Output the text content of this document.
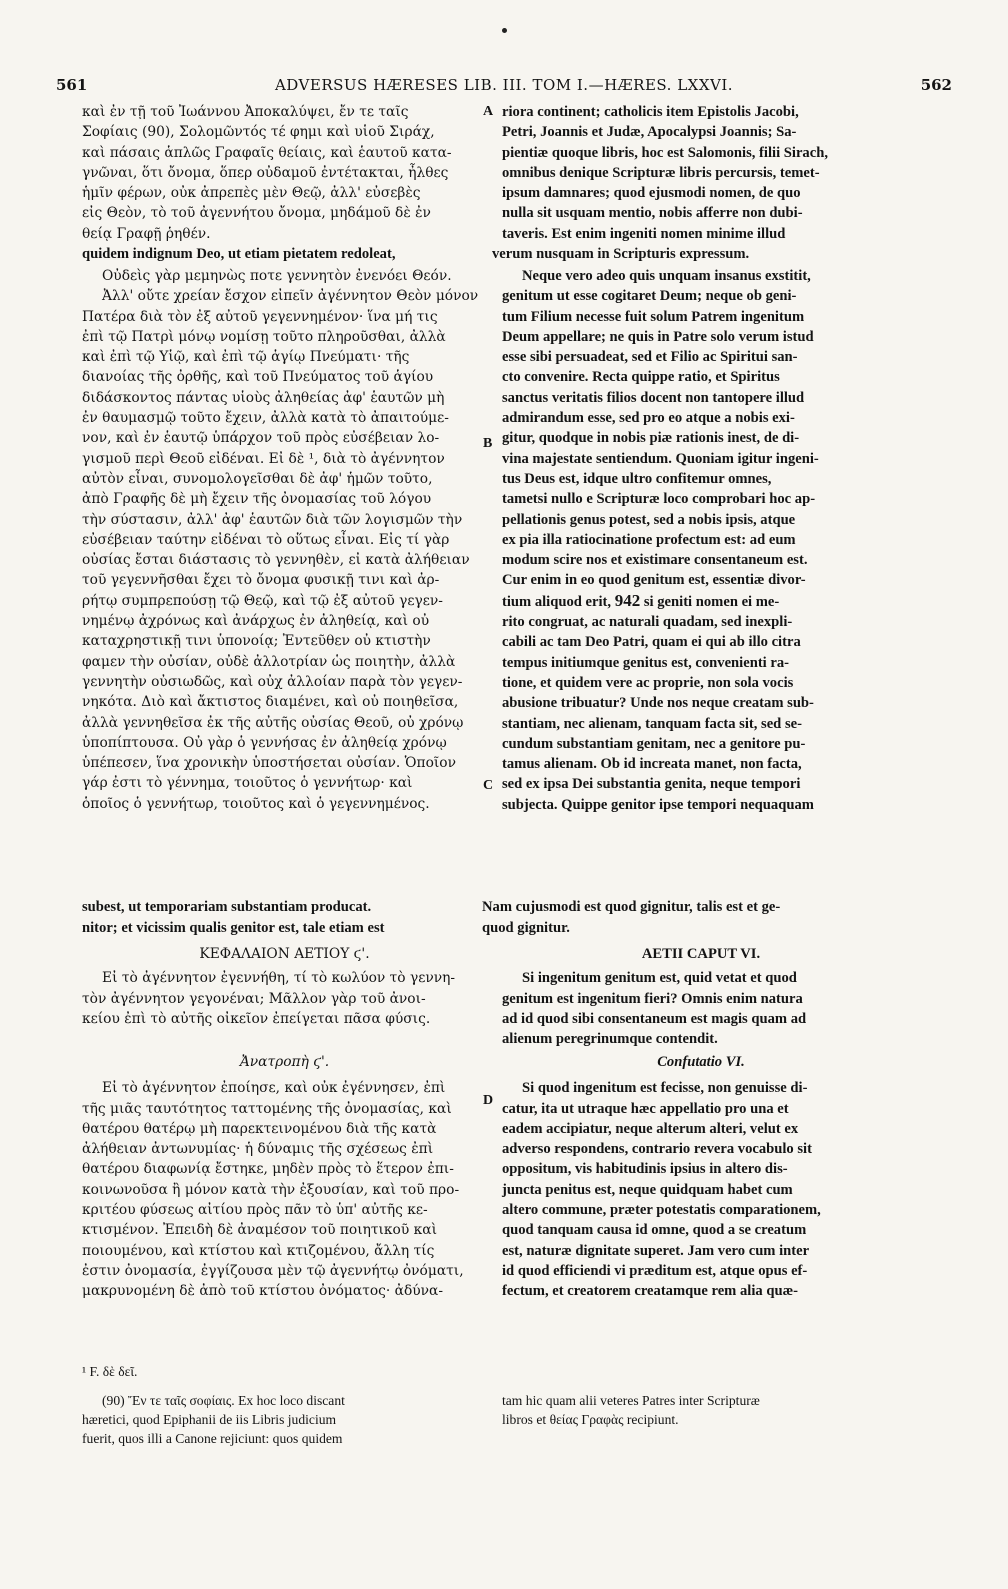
561	ADVERSUS HÆRESES LIB. III. TOM I.—HÆRES. LXXVI.	562
A
B
C
D

καὶ ἐν τῇ τοῦ Ἰωάννου Ἀποκαλύψει, ἔν τε ταῖς

Σοφίαις (90), Σολομῶντός τέ φημι καὶ υἱοῦ Σιράχ,

καὶ πάσαις ἁπλῶς Γραφαῖς θείαις, καὶ ἑαυτοῦ κατα-

γνῶναι, ὅτι ὄνομα, ὅπερ οὐδαμοῦ ἐντέτακται, ἦλθες

ἡμῖν φέρων, οὐκ ἀπρεπὲς μὲν Θεῷ, ἀλλ' εὐσεβὲς

εἰς Θεὸν, τὸ τοῦ ἀγεννήτου ὄνομα, μηδάμοῦ δὲ ἐν

θείᾳ Γραφῇ ῥηθέν.

riora continent; catholicis item Epistolis Jacobi,

Petri, Joannis et Judæ, Apocalypsi Joannis; Sa-

pientiæ quoque libris, hoc est Salomonis, filii Sirach,

omnibus denique Scripturæ libris percursis, temet-

ipsum damnares; quod ejusmodi nomen, de quo

nulla sit usquam mentio, nobis afferre non dubi-

taveris. Est enim ingeniti nomen minime illud

quidem indignum Deo, ut etiam pietatem redoleat,	verum nusquam in Scripturis expressum.

Οὐδεὶς γὰρ μεμηνὼς ποτε γεννητὸν ἐνενόει Θεόν.

Ἀλλ' οὔτε χρείαν ἔσχον εἰπεῖν ἀγέννητον Θεὸν μόνον

Πατέρα διὰ τὸν ἐξ αὐτοῦ γεγεννημένον· ἵνα μή τις

ἐπὶ τῷ Πατρὶ μόνῳ νομίσῃ τοῦτο πληροῦσθαι, ἀλλὰ

καὶ ἐπὶ τῷ Υἱῷ, καὶ ἐπὶ τῷ ἁγίῳ Πνεύματι· τῆς

διανοίας τῆς ὀρθῆς, καὶ τοῦ Πνεύματος τοῦ ἁγίου

διδάσκοντος πάντας υἱοὺς ἀληθείας ἀφ' ἑαυτῶν μὴ

ἐν θαυμασμῷ τοῦτο ἔχειν, ἀλλὰ κατὰ τὸ ἀπαιτούμε-

νον, καὶ ἐν ἑαυτῷ ὑπάρχον τοῦ πρὸς εὐσέβειαν λο-

γισμοῦ περὶ Θεοῦ εἰδέναι. Εἰ δὲ ¹, διὰ τὸ ἀγέννητον

αὐτὸν εἶναι, συνομολογεῖσθαι δὲ ἀφ' ἡμῶν τοῦτο,

ἀπὸ Γραφῆς δὲ μὴ ἔχειν τῆς ὀνομασίας τοῦ λόγου

τὴν σύστασιν, ἀλλ' ἀφ' ἑαυτῶν διὰ τῶν λογισμῶν τὴν

εὐσέβειαν ταύτην εἰδέναι τὸ οὕτως εἶναι. Εἰς τί γὰρ

οὐσίας ἔσται διάστασις τὸ γεννηθὲν, εἰ κατὰ ἀλήθειαν

τοῦ γεγεννῆσθαι ἔχει τὸ ὄνομα φυσικῇ τινι καὶ ἀρ-

ρήτῳ συμπρεπούσῃ τῷ Θεῷ, καὶ τῷ ἐξ αὐτοῦ γεγεν-

νημένῳ ἀχρόνως καὶ ἀνάρχως ἐν ἀληθείᾳ, καὶ οὐ

καταχρηστικῇ τινι ὑπονοίᾳ; Ἐντεῦθεν οὐ κτιστὴν

φαμεν τὴν οὐσίαν, οὐδὲ ἀλλοτρίαν ὡς ποιητὴν, ἀλλὰ

γεννητὴν οὐσιωδῶς, καὶ οὐχ ἀλλοίαν παρὰ τὸν γεγεν-

νηκότα. Διὸ καὶ ἄκτιστος διαμένει, καὶ οὐ ποιηθεῖσα,

ἀλλὰ γεννηθεῖσα ἐκ τῆς αὐτῆς οὐσίας Θεοῦ, οὐ χρόνῳ

ὑποπίπτουσα. Οὐ γὰρ ὁ γεννήσας ἐν ἀληθείᾳ χρόνῳ

ὑπέπεσεν, ἵνα χρονικὴν ὑποστήσεται οὐσίαν. Ὁποῖον

γάρ ἐστι τὸ γέννημα, τοιοῦτος ὁ γεννήτωρ· καὶ

ὁποῖος ὁ γεννήτωρ, τοιοῦτος καὶ ὁ γεγεννημένος.

Neque vero adeo quis unquam insanus exstitit,

genitum ut esse cogitaret Deum; neque ob geni-

tum Filium necesse fuit solum Patrem ingenitum

Deum appellare; ne quis in Patre solo verum istud

esse sibi persuadeat, sed et Filio ac Spiritui san-

cto convenire. Recta quippe ratio, et Spiritus

sanctus veritatis filios docent non tantopere illud

admirandum esse, sed pro eo atque a nobis exi-

gitur, quodque in nobis piæ rationis inest, de di-

vina majestate sentiendum. Quoniam igitur ingeni-

tus Deus est, idque ultro confitemur omnes,

tametsi nullo e Scripturæ loco comprobari hoc ap-

pellationis genus potest, sed a nobis ipsis, atque

ex pia illa ratiocinatione profectum est: ad eum

modum scire nos et existimare consentaneum est.

Cur enim in eo quod genitum est, essentiæ divor-

tium aliquod erit, 942 si geniti nomen ei me-

rito congruat, ac naturali quadam, sed inexpli-

cabili ac tam Deo Patri, quam ei qui ab illo citra

tempus initiumque genitus est, convenienti ra-

tione, et quidem vere ac proprie, non sola vocis

abusione tribuatur? Unde nos neque creatam sub-

stantiam, nec alienam, tanquam facta sit, sed se-

cundum substantiam genitam, nec a genitore pu-

tamus alienam. Ob id increata manet, non facta,

sed ex ipsa Dei substantia genita, neque tempori

subjecta. Quippe genitor ipse tempori nequaquam

subest, ut temporariam substantiam producat.	Nam cujusmodi est quod gignitur, talis est et ge-
nitor; et vicissim qualis genitor est, tale etiam est	quod gignitur.

ΚΕΦΑΛΑΙΟΝ ΑΕΤΙΟΥ ϛ'.

Εἰ τὸ ἀγέννητον ἐγεννήθη, τί τὸ κωλύον τὸ γεννη-

τὸν ἀγέννητον γεγονέναι; Μᾶλλον γὰρ τοῦ ἀνοι-

κείου ἐπὶ τὸ αὐτῆς οἰκεῖον ἐπείγεται πᾶσα φύσις.

AETII CAPUT VI.

Si ingenitum genitum est, quid vetat et quod

genitum est ingenitum fieri? Omnis enim natura

ad id quod sibi consentaneum est magis quam ad

alienum peregrinumque contendit.

Ἀνατροπὴ ϛ'.

Εἰ τὸ ἀγέννητον ἐποίησε, καὶ οὐκ ἐγέννησεν, ἐπὶ

τῆς μιᾶς ταυτότητος ταττομένης τῆς ὀνομασίας, καὶ

θατέρου θατέρῳ μὴ παρεκτεινομένου διὰ τῆς κατὰ

ἀλήθειαν ἀντωνυμίας· ἡ δύναμις τῆς σχέσεως ἐπὶ

θατέρου διαφωνίᾳ ἔστηκε, μηδὲν πρὸς τὸ ἕτερον ἐπι-

κοινωνοῦσα ἢ μόνον κατὰ τὴν ἐξουσίαν, καὶ τοῦ προ-

κριτέου φύσεως αἰτίου πρὸς πᾶν τὸ ὑπ' αὐτῆς κε-

κτισμένον. Ἐπειδὴ δὲ ἀναμέσον τοῦ ποιητικοῦ καὶ

ποιουμένου, καὶ κτίστου καὶ κτιζομένου, ἄλλη τίς

ἐστιν ὀνομασία, ἐγγίζουσα μὲν τῷ ἀγεννήτῳ ὀνόματι,

μακρυνομένη δὲ ἀπὸ τοῦ κτίστου ὀνόματος· ἀδύνα-

Confutatio VI.

Si quod ingenitum est fecisse, non genuisse di-

catur, ita ut utraque hæc appellatio pro una et

eadem accipiatur, neque alterum alteri, velut ex

adverso respondens, contrario revera vocabulo sit

oppositum, vis habitudinis ipsius in altero dis-

juncta penitus est, neque quidquam habet cum

altero commune, præter potestatis comparationem,

quod tanquam causa id omne, quod a se creatum

est, naturæ dignitate superet. Jam vero cum inter

id quod efficiendi vi præditum est, atque opus ef-

fectum, et creatorem creatamque rem alia quæ-

¹ F. δὲ δεῖ.

(90) Ἔν τε ταῖς σοφίαις. Ex hoc loco discant

hæretici, quod Epiphanii de iis Libris judicium

fuerit, quos illi a Canone rejiciunt: quos quidem

tam hic quam alii veteres Patres inter Scripturæ

libros et θείας Γραφὰς recipiunt.
